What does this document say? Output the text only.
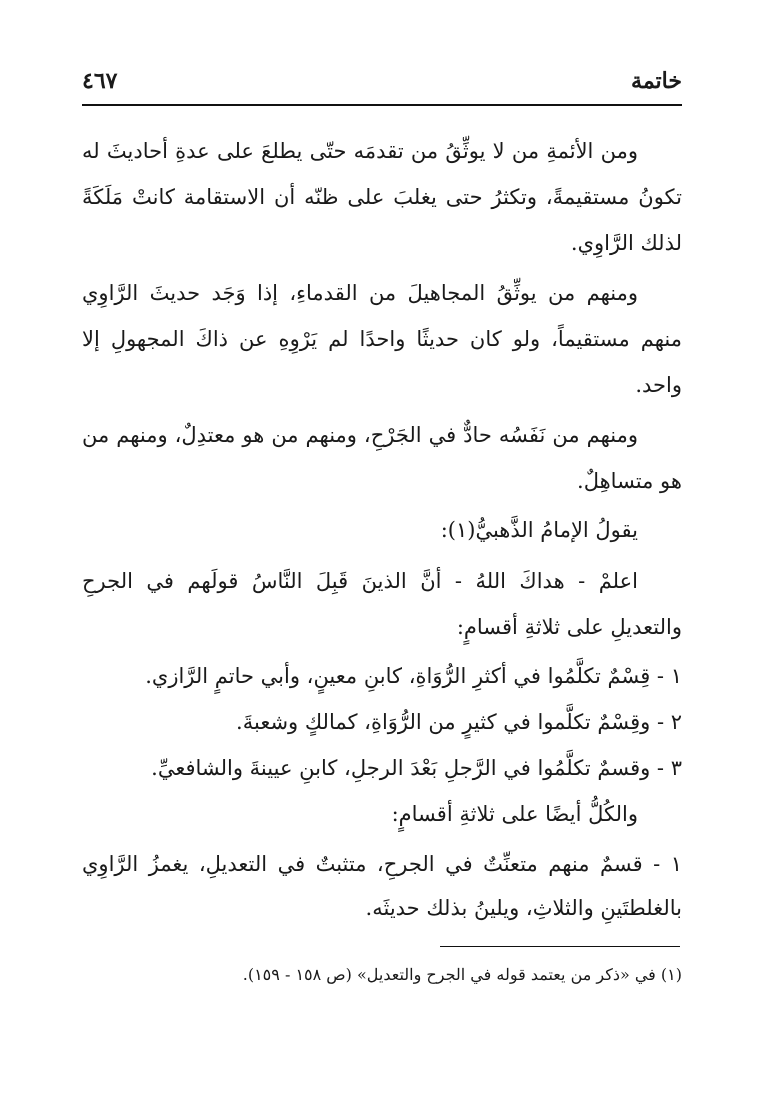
خاتمة
٤٦٧

ومن الأئمةِ من لا يوثِّقُ من تقدمَه حتّى يطلعَ على عدةِ أحاديثَ له تكونُ مستقيمةً، وتكثرُ حتى يغلبَ على ظنّه أن الاستقامة كانتْ مَلَكَةً لذلك الرَّاوِي.

ومنهم من يوثِّقُ المجاهيلَ من القدماءِ، إذا وَجَد حديثَ الرَّاوِي منهم مستقيماً، ولو كان حديثًا واحدًا لم يَرْوِهِ عن ذاكَ المجهولِ إلا واحد.

ومنهم من نَفَسُه حادٌّ في الجَرْحِ، ومنهم من هو معتدِلٌ، ومنهم من هو متساهِلٌ.

يقولُ الإمامُ الذَّهبيُّ(١):

اعلمْ - هداكَ اللهُ - أنَّ الذينَ قَبِلَ النَّاسُ قولَهم في الجرحِ والتعديلِ على ثلاثةِ أقسامٍ:

١ - قِسْمٌ تكلَّمُوا في أكثرِ الرُّوَاةِ، كابنِ معينٍ، وأبي حاتمٍ الرَّازي.

٢ - وقِسْمٌ تكلَّموا في كثيرٍ من الرُّوَاةِ، كمالكٍ وشعبةَ.

٣ - وقسمٌ تكلَّمُوا في الرَّجلِ بَعْدَ الرجلِ، كابنِ عيينةَ والشافعيِّ.

والكُلُّ أيضًا على ثلاثةِ أقسامٍ:

١ - قسمٌ منهم متعنِّتٌ في الجرحِ، متثبتٌ في التعديلِ، يغمزُ الرَّاوِي بالغلطتَينِ والثلاثِ، ويلينُ بذلك حديثَه.

(١) في «ذكر من يعتمد قوله في الجرح والتعديل» (ص ١٥٨ - ١٥٩).
